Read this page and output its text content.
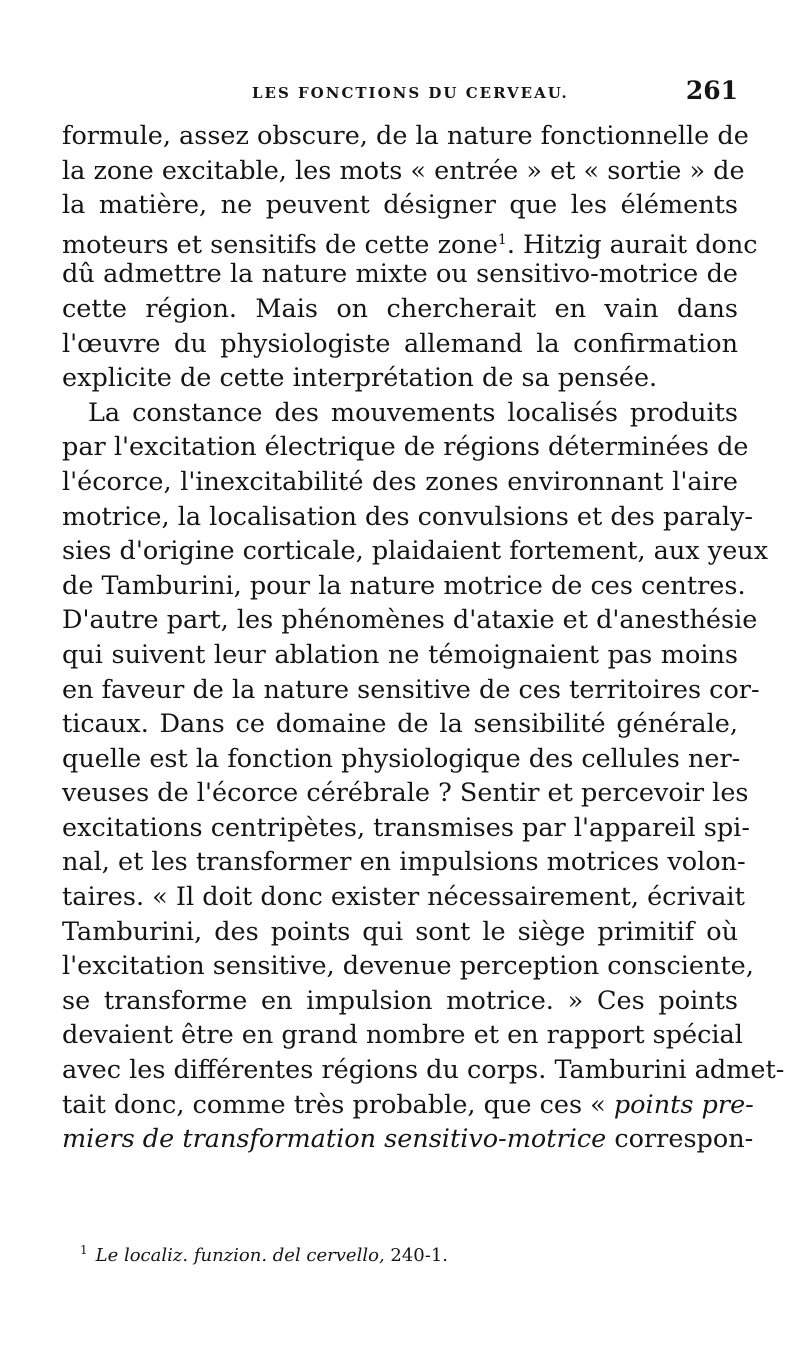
LES FONCTIONS DU CERVEAU.	261
formule, assez obscure, de la nature fonctionnelle de
la zone excitable, les mots « entrée » et « sortie » de
la matière, ne peuvent désigner que les éléments
moteurs et sensitifs de cette zone$^1$. Hitzig aurait donc
dû admettre la nature mixte ou sensitivo-motrice de
cette région. Mais on chercherait en vain dans
l'œuvre du physiologiste allemand la confirmation
explicite de cette interprétation de sa pensée.
La constance des mouvements localisés produits
par l'excitation électrique de régions déterminées de
l'écorce, l'inexcitabilité des zones environnant l'aire
motrice, la localisation des convulsions et des paraly-
sies d'origine corticale, plaidaient fortement, aux yeux
de Tamburini, pour la nature motrice de ces centres.
D'autre part, les phénomènes d'ataxie et d'anesthésie
qui suivent leur ablation ne témoignaient pas moins
en faveur de la nature sensitive de ces territoires cor-
ticaux. Dans ce domaine de la sensibilité générale,
quelle est la fonction physiologique des cellules ner-
veuses de l'écorce cérébrale ? Sentir et percevoir les
excitations centripètes, transmises par l'appareil spi-
nal, et les transformer en impulsions motrices volon-
taires. « Il doit donc exister nécessairement, écrivait
Tamburini, des points qui sont le siège primitif où
l'excitation sensitive, devenue perception consciente,
se transforme en impulsion motrice. » Ces points
devaient être en grand nombre et en rapport spécial
avec les différentes régions du corps. Tamburini admet-
tait donc, comme très probable, que ces « points pre-
miers de transformation sensitivo-motrice correspon-
$^1$ Le localiz. funzion. del cervello, 240-1.
